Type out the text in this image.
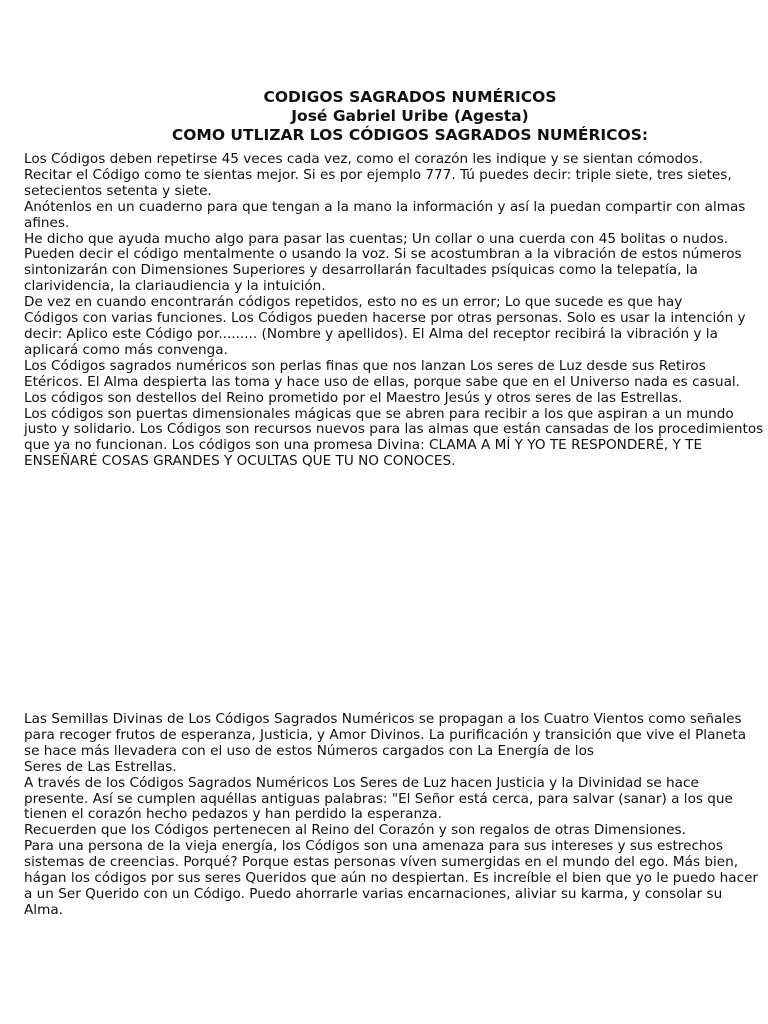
CODIGOS SAGRADOS NUMÉRICOS
José Gabriel Uribe (Agesta)
COMO UTLIZAR LOS CÓDIGOS SAGRADOS NUMÉRICOS:
Los Códigos deben repetirse 45 veces cada vez, como el corazón les indique y se sientan cómodos.
Recitar el Código como te sientas mejor. Si es por ejemplo 777. Tú puedes decir: triple siete, tres sietes,
setecientos setenta y siete.
Anótenlos en un cuaderno para que tengan a la mano la información y así la puedan compartir con almas
afines.
He dicho que ayuda mucho algo para pasar las cuentas; Un collar o una cuerda con 45 bolitas o nudos.
Pueden decir el código mentalmente o usando la voz. Si se acostumbran a la vibración de estos números
sintonizarán con Dimensiones Superiores y desarrollarán facultades psíquicas como la telepatía, la
clarividencia, la clariaudiencia y la intuición.
De vez en cuando encontrarán códigos repetidos, esto no es un error; Lo que sucede es que hay
Códigos con varias funciones. Los Códigos pueden hacerse por otras personas. Solo es usar la intención y
decir: Aplico este Código por......... (Nombre y apellidos). El Alma del receptor recibirá la vibración y la
aplicará como más convenga.
Los Códigos sagrados numéricos son perlas finas que nos lanzan Los seres de Luz desde sus Retiros
Etéricos. El Alma despierta las toma y hace uso de ellas, porque sabe que en el Universo nada es casual.
Los códigos son destellos del Reino prometido por el Maestro Jesús y otros seres de las Estrellas.
Los códigos son puertas dimensionales mágicas que se abren para recibir a los que aspiran a un mundo
justo y solidario. Los Códigos son recursos nuevos para las almas que están cansadas de los procedimientos
que ya no funcionan. Los códigos son una promesa Divina: CLAMA A MÍ Y YO TE RESPONDERÉ, Y TE
ENSEÑARÉ COSAS GRANDES Y OCULTAS QUE TU NO CONOCES.
Las Semillas Divinas de Los Códigos Sagrados Numéricos se propagan a los Cuatro Vientos como señales
para recoger frutos de esperanza, Justicia, y Amor Divinos. La purificación y transición que vive el Planeta
se hace más llevadera con el uso de estos Números cargados con La Energía de los
Seres de Las Estrellas.
A través de los Códigos Sagrados Numéricos Los Seres de Luz hacen Justicia y la Divinidad se hace
presente. Así se cumplen aquéllas antiguas palabras: "El Señor está cerca, para salvar (sanar) a los que
tienen el corazón hecho pedazos y han perdido la esperanza.
Recuerden que los Códigos pertenecen al Reino del Corazón y son regalos de otras Dimensiones.
Para una persona de la vieja energía, los Códigos son una amenaza para sus intereses y sus estrechos
sistemas de creencias. Porqué? Porque estas personas víven sumergidas en el mundo del ego. Más bien,
hágan los códigos por sus seres Queridos que aún no despiertan. Es increíble el bien que yo le puedo hacer
a un Ser Querido con un Código. Puedo ahorrarle varias encarnaciones, aliviar su karma, y consolar su
Alma.
